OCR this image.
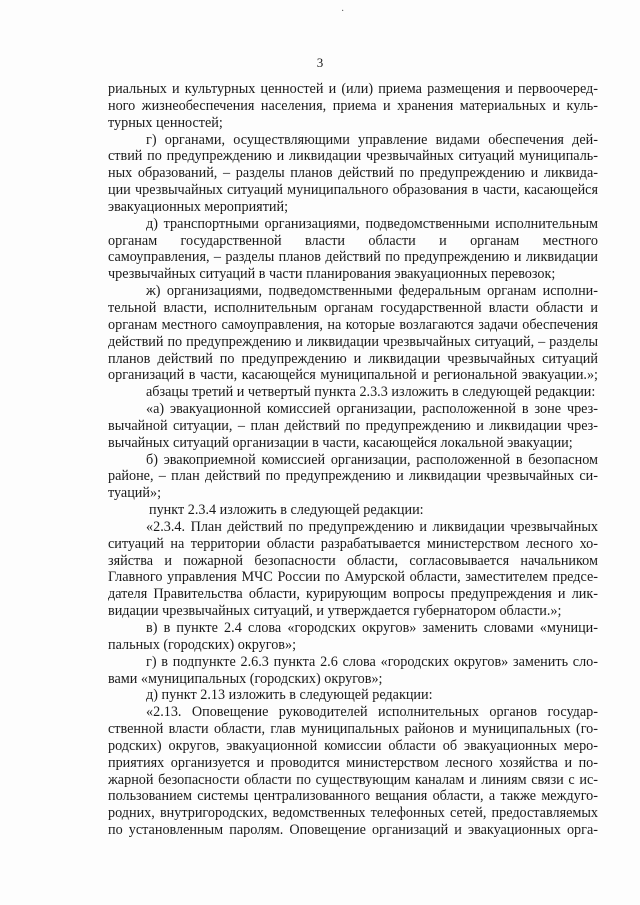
·
3
риальных и культурных ценностей и (или) приема размещения и первоочеред-
ного жизнеобеспечения населения, приема и хранения материальных и куль-
турных ценностей;
г) органами, осуществляющими управление видами обеспечения дей-
ствий по предупреждению и ликвидации чрезвычайных ситуаций муниципаль-
ных образований, – разделы планов действий по предупреждению и ликвида-
ции чрезвычайных ситуаций муниципального образования в части, касающейся
эвакуационных мероприятий;
д) транспортными организациями, подведомственными исполнительным
органам государственной власти области и органам местного
самоуправления, – разделы планов действий по предупреждению и ликвидации
чрезвычайных ситуаций в части планирования эвакуационных перевозок;
ж) организациями, подведомственными федеральным органам исполни-
тельной власти, исполнительным органам государственной власти области и
органам местного самоуправления, на которые возлагаются задачи обеспечения
действий по предупреждению и ликвидации чрезвычайных ситуаций, – разделы
планов действий по предупреждению и ликвидации чрезвычайных ситуаций
организаций в части, касающейся муниципальной и региональной эвакуации.»;
абзацы третий и четвертый пункта 2.3.3 изложить в следующей редакции:
«а) эвакуационной комиссией организации, расположенной в зоне чрез-
вычайной ситуации, – план действий по предупреждению и ликвидации чрез-
вычайных ситуаций организации в части, касающейся локальной эвакуации;
б) эвакоприемной комиссией организации, расположенной в безопасном
районе, – план действий по предупреждению и ликвидации чрезвычайных си-
туаций»;
пункт 2.3.4 изложить в следующей редакции:
«2.3.4. План действий по предупреждению и ликвидации чрезвычайных
ситуаций на территории области разрабатывается министерством лесного хо-
зяйства и пожарной безопасности области, согласовывается начальником
Главного управления МЧС России по Амурской области, заместителем предсе-
дателя Правительства области, курирующим вопросы предупреждения и лик-
видации чрезвычайных ситуаций, и утверждается губернатором области.»;
в) в пункте 2.4 слова «городских округов» заменить словами «муници-
пальных (городских) округов»;
г) в подпункте 2.6.3 пункта 2.6 слова «городских округов» заменить сло-
вами «муниципальных (городских) округов»;
д) пункт 2.13 изложить в следующей редакции:
«2.13. Оповещение руководителей исполнительных органов государ-
ственной власти области, глав муниципальных районов и муниципальных (го-
родских) округов, эвакуационной комиссии области об эвакуационных меро-
приятиях организуется и проводится министерством лесного хозяйства и по-
жарной безопасности области по существующим каналам и линиям связи с ис-
пользованием системы централизованного вещания области, а также междуго-
родних, внутригородских, ведомственных телефонных сетей, предоставляемых
по установленным паролям. Оповещение организаций и эвакуационных орга-
